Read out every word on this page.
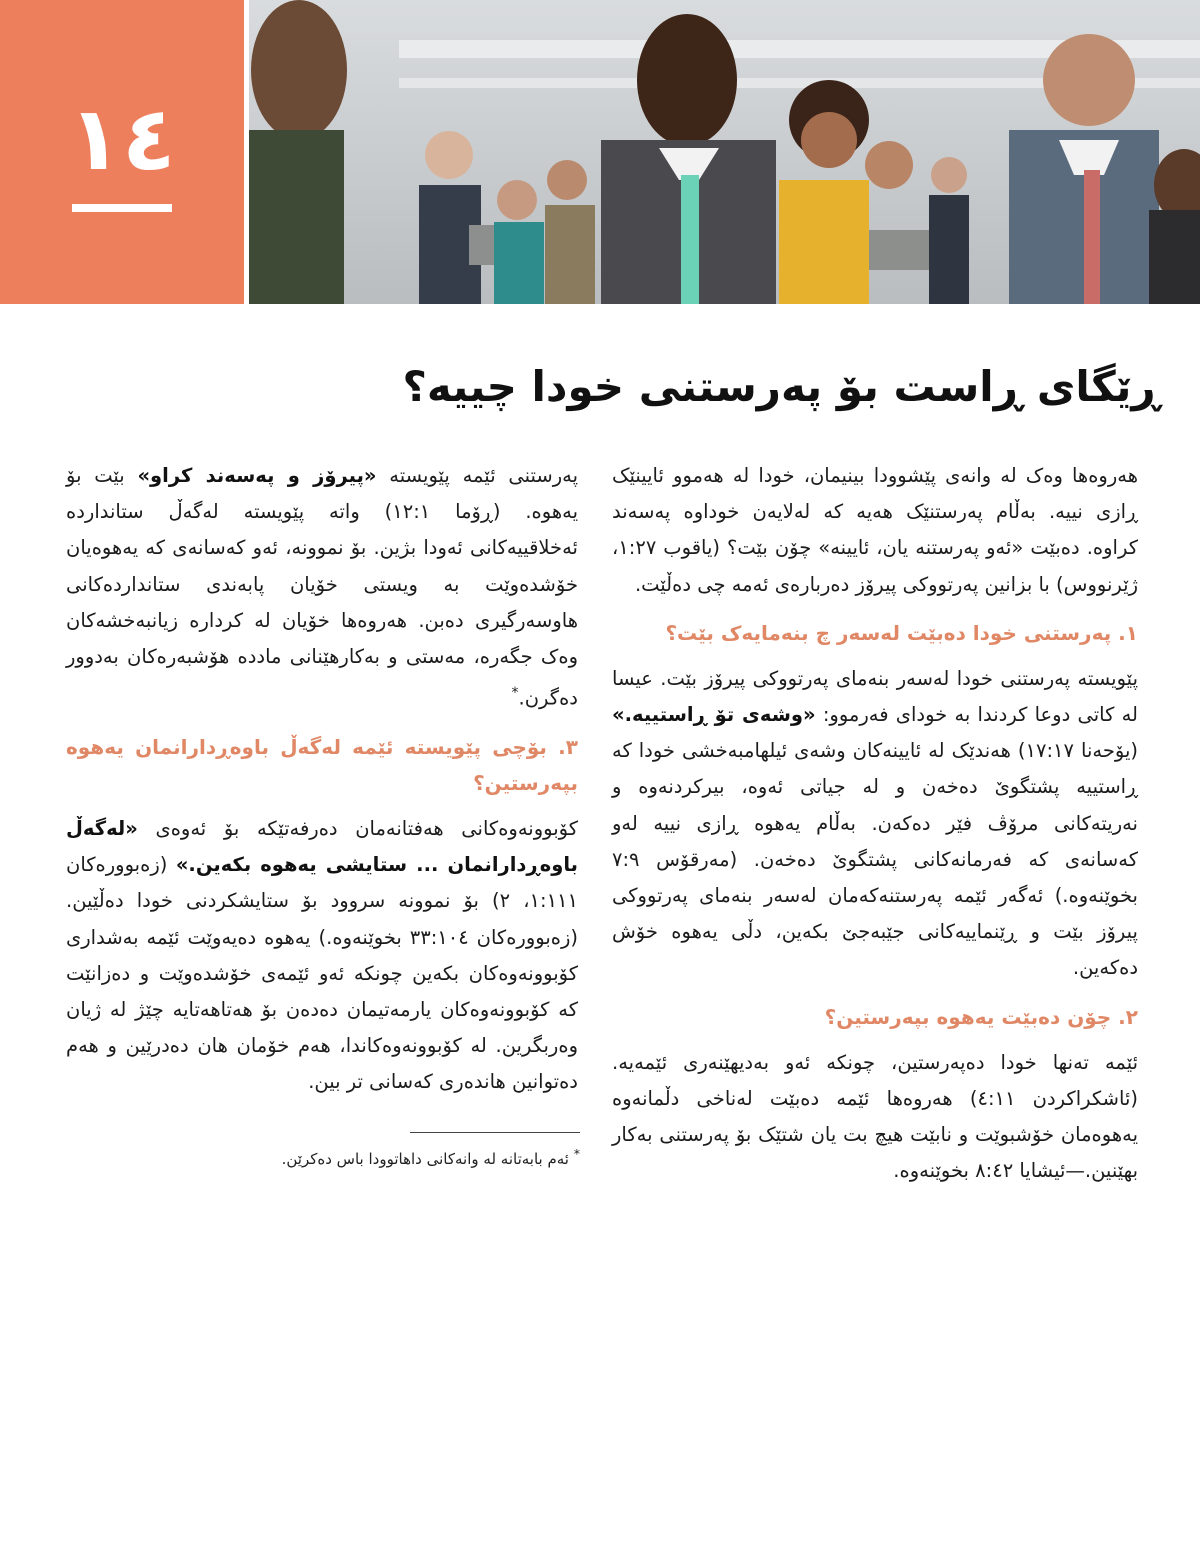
١٤
ڕێگای ڕاست بۆ پەرستنی خودا چییە؟

هەروەها وەک لە وانەی پێشوودا بینیمان، خودا لە هەموو ئایینێک ڕازی نییە. بەڵام پەرستنێک هەیە کە لەلایەن خوداوە پەسەند کراوە. دەبێت «ئەو پەرستنە یان، ئایینە» چۆن بێت؟ (یاقوب ١:٢٧، ژێرنووس) با بزانین پەرتووکی پیرۆز دەربارەی ئەمە چی دەڵێت.

١. پەرستنی خودا دەبێت لەسەر چ بنەمایەک بێت؟

پێویستە پەرستنی خودا لەسەر بنەمای پەرتووکی پیرۆز بێت. عیسا لە کاتی دوعا کردندا بە خودای فەرموو: «وشەی تۆ ڕاستییە.» (یۆحەنا ١٧:١٧) هەندێک لە ئایینەکان وشەی ئیلهامبەخشی خودا کە ڕاستییە پشتگوێ دەخەن و لە جیاتی ئەوە، بیرکردنەوە و نەریتەکانی مرۆڤ فێر دەکەن. بەڵام یەهوە ڕازی نییە لەو کەسانەی کە فەرمانەکانی پشتگوێ دەخەن. (مەرقۆس ٧:٩ بخوێنەوە.) ئەگەر ئێمە پەرستنەکەمان لەسەر بنەمای پەرتووکی پیرۆز بێت و ڕێنماییەکانی جێبەجێ بکەین، دڵی یەهوە خۆش دەکەین.

٢. چۆن دەبێت یەهوە بپەرستین؟

ئێمە تەنها خودا دەپەرستین، چونکە ئەو بەدیهێنەری ئێمەیە. (ئاشکراکردن ٤:١١) هەروەها ئێمە دەبێت لەناخی دڵمانەوە یەهوەمان خۆشبوێت و نابێت هیچ بت یان شتێک بۆ پەرستنی بەکار بهێنین.—ئیشایا ٨:٤٢ بخوێنەوە.

پەرستنی ئێمە پێویستە «پیرۆز و پەسەند کراو» بێت بۆ یەهوە. (ڕۆما ١٢:١) واتە پێویستە لەگەڵ ستانداردە ئەخلاقییەکانی ئەودا بژین. بۆ نموونە، ئەو کەسانەی کە یەهوەیان خۆشدەوێت بە ویستی خۆیان پابەندی ستانداردەکانی هاوسەرگیری دەبن. هەروەها خۆیان لە کردارە زیانبەخشەکان وەک جگەرە، مەستی و بەکارهێنانی مادده هۆشبەرەکان بەدوور دەگرن.*

٣. بۆچی پێویستە ئێمە لەگەڵ باوەڕدارانمان یەهوە بپەرستین؟

کۆبوونەوەکانی هەفتانەمان دەرفەتێکە بۆ ئەوەی «لەگەڵ باوەڕدارانمان ... ستایشی یەهوە بکەین.» (زەبوورەکان ١:١١١، ٢) بۆ نموونە سروود بۆ ستایشکردنی خودا دەڵێین. (زەبوورەکان ٣٣:١٠٤ بخوێنەوە.) یەهوە دەیەوێت ئێمە بەشداری کۆبوونەوەکان بکەین چونکە ئەو ئێمەی خۆشدەوێت و دەزانێت کە کۆبوونەوەکان یارمەتیمان دەدەن بۆ هەتاهەتایە چێژ لە ژیان وەربگرین. لە کۆبوونەوەکاندا، هەم خۆمان هان دەدرێین و هەم دەتوانین هاندەری کەسانی تر بین.

* ئەم بابەتانە لە وانەکانی داهاتوودا باس دەکرێن.
